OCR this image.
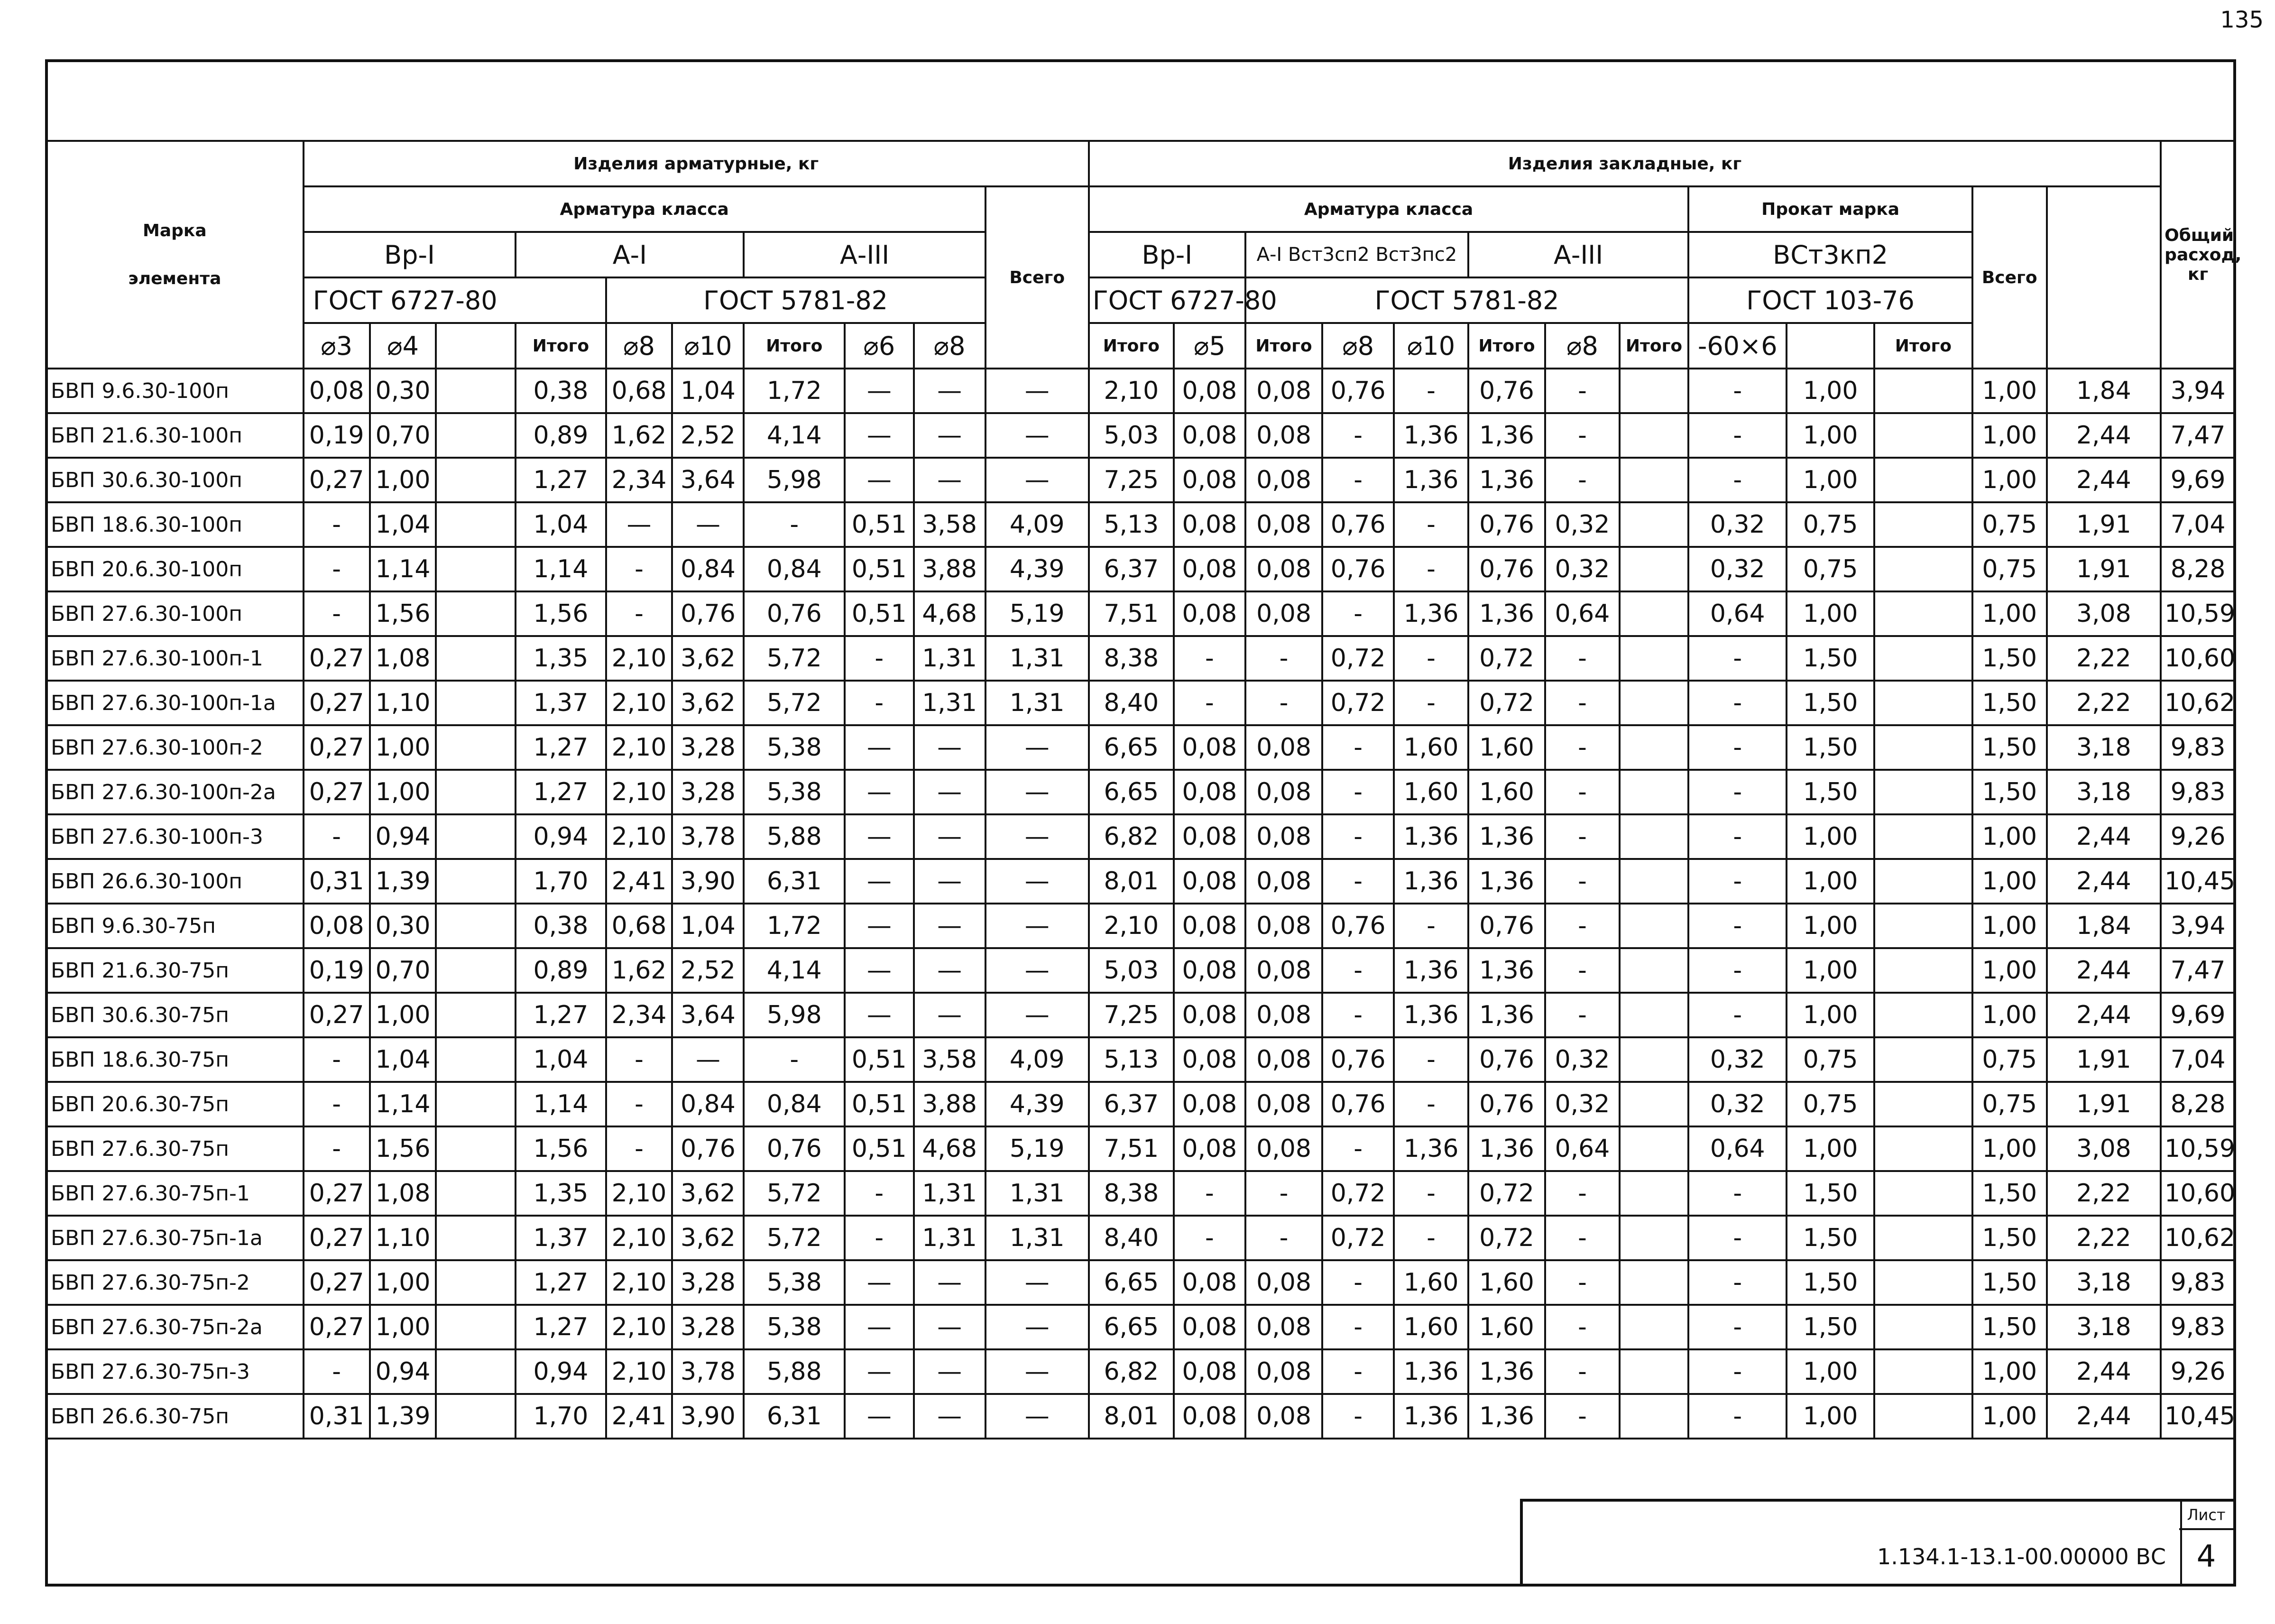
135
Марка
элемента	Изделия арматурные, кг										Изделия закладные, кг													Общий расход, кг
	Арматура класса									Всего	Арматура класса								Прокат марка			Всего		
	Вр-I			А-I			А-III				Вр-I		А-I Вст3сп2 Вст3пс2			А-III			ВСт3кп2					
	ГОСТ 6727-80				ГОСТ 5781-82						ГОСТ 6727-80		ГОСТ 5781-82						ГОСТ 103-76					
	⌀3	⌀4		Итого	⌀8	⌀10	Итого	⌀6	⌀8		Итого	⌀5	Итого	⌀8	⌀10	Итого	⌀8	Итого	-60×6		Итого			
БВП 9.6.30-100п	0,08	0,30		0,38	0,68	1,04	1,72	—	—	—	2,10	0,08	0,08	0,76	-	0,76	-		-	1,00		1,00	1,84	3,94
БВП 21.6.30-100п	0,19	0,70		0,89	1,62	2,52	4,14	—	—	—	5,03	0,08	0,08	-	1,36	1,36	-		-	1,00		1,00	2,44	7,47
БВП 30.6.30-100п	0,27	1,00		1,27	2,34	3,64	5,98	—	—	—	7,25	0,08	0,08	-	1,36	1,36	-		-	1,00		1,00	2,44	9,69
БВП 18.6.30-100п	-	1,04		1,04	—	—	-	0,51	3,58	4,09	5,13	0,08	0,08	0,76	-	0,76	0,32		0,32	0,75		0,75	1,91	7,04
БВП 20.6.30-100п	-	1,14		1,14	-	0,84	0,84	0,51	3,88	4,39	6,37	0,08	0,08	0,76	-	0,76	0,32		0,32	0,75		0,75	1,91	8,28
БВП 27.6.30-100п	-	1,56		1,56	-	0,76	0,76	0,51	4,68	5,19	7,51	0,08	0,08	-	1,36	1,36	0,64		0,64	1,00		1,00	3,08	10,59
БВП 27.6.30-100п-1	0,27	1,08		1,35	2,10	3,62	5,72	-	1,31	1,31	8,38	-	-	0,72	-	0,72	-		-	1,50		1,50	2,22	10,60
БВП 27.6.30-100п-1а	0,27	1,10		1,37	2,10	3,62	5,72	-	1,31	1,31	8,40	-	-	0,72	-	0,72	-		-	1,50		1,50	2,22	10,62
БВП 27.6.30-100п-2	0,27	1,00		1,27	2,10	3,28	5,38	—	—	—	6,65	0,08	0,08	-	1,60	1,60	-		-	1,50		1,50	3,18	9,83
БВП 27.6.30-100п-2а	0,27	1,00		1,27	2,10	3,28	5,38	—	—	—	6,65	0,08	0,08	-	1,60	1,60	-		-	1,50		1,50	3,18	9,83
БВП 27.6.30-100п-3	-	0,94		0,94	2,10	3,78	5,88	—	—	—	6,82	0,08	0,08	-	1,36	1,36	-		-	1,00		1,00	2,44	9,26
БВП 26.6.30-100п	0,31	1,39		1,70	2,41	3,90	6,31	—	—	—	8,01	0,08	0,08	-	1,36	1,36	-		-	1,00		1,00	2,44	10,45
БВП 9.6.30-75п	0,08	0,30		0,38	0,68	1,04	1,72	—	—	—	2,10	0,08	0,08	0,76	-	0,76	-		-	1,00		1,00	1,84	3,94
БВП 21.6.30-75п	0,19	0,70		0,89	1,62	2,52	4,14	—	—	—	5,03	0,08	0,08	-	1,36	1,36	-		-	1,00		1,00	2,44	7,47
БВП 30.6.30-75п	0,27	1,00		1,27	2,34	3,64	5,98	—	—	—	7,25	0,08	0,08	-	1,36	1,36	-		-	1,00		1,00	2,44	9,69
БВП 18.6.30-75п	-	1,04		1,04	-	—	-	0,51	3,58	4,09	5,13	0,08	0,08	0,76	-	0,76	0,32		0,32	0,75		0,75	1,91	7,04
БВП 20.6.30-75п	-	1,14		1,14	-	0,84	0,84	0,51	3,88	4,39	6,37	0,08	0,08	0,76	-	0,76	0,32		0,32	0,75		0,75	1,91	8,28
БВП 27.6.30-75п	-	1,56		1,56	-	0,76	0,76	0,51	4,68	5,19	7,51	0,08	0,08	-	1,36	1,36	0,64		0,64	1,00		1,00	3,08	10,59
БВП 27.6.30-75п-1	0,27	1,08		1,35	2,10	3,62	5,72	-	1,31	1,31	8,38	-	-	0,72	-	0,72	-		-	1,50		1,50	2,22	10,60
БВП 27.6.30-75п-1а	0,27	1,10		1,37	2,10	3,62	5,72	-	1,31	1,31	8,40	-	-	0,72	-	0,72	-		-	1,50		1,50	2,22	10,62
БВП 27.6.30-75п-2	0,27	1,00		1,27	2,10	3,28	5,38	—	—	—	6,65	0,08	0,08	-	1,60	1,60	-		-	1,50		1,50	3,18	9,83
БВП 27.6.30-75п-2а	0,27	1,00		1,27	2,10	3,28	5,38	—	—	—	6,65	0,08	0,08	-	1,60	1,60	-		-	1,50		1,50	3,18	9,83
БВП 27.6.30-75п-3	-	0,94		0,94	2,10	3,78	5,88	—	—	—	6,82	0,08	0,08	-	1,36	1,36	-		-	1,00		1,00	2,44	9,26
БВП 26.6.30-75п	0,31	1,39		1,70	2,41	3,90	6,31	—	—	—	8,01	0,08	0,08	-	1,36	1,36	-		-	1,00		1,00	2,44	10,45
1.134.1-13.1-00.00000 ВС
Лист
4
